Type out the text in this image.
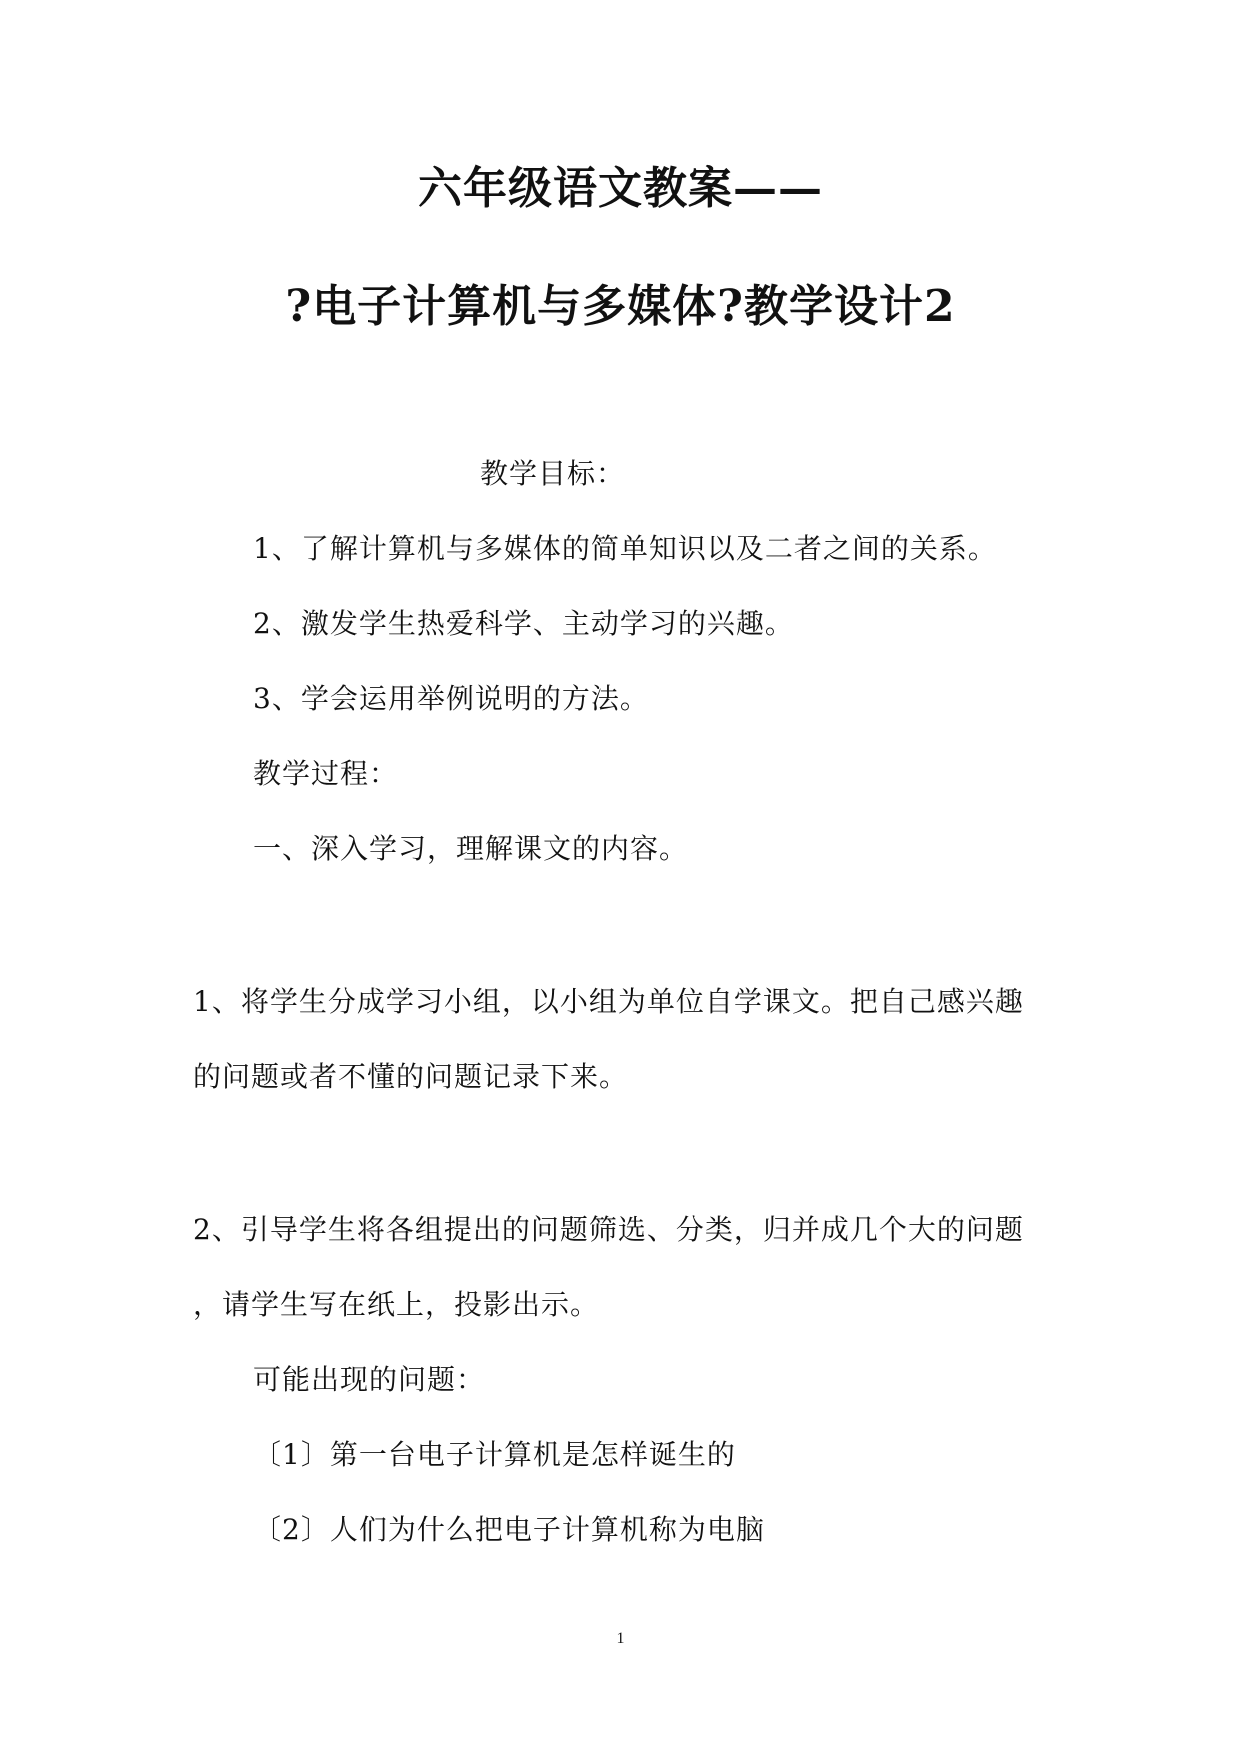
六年级语文教案——
?电子计算机与多媒体?教学设计2
教学目标：
1、了解计算机与多媒体的简单知识以及二者之间的关系。
2、激发学生热爱科学、主动学习的兴趣。
3、学会运用举例说明的方法。
教学过程：
一、深入学习，理解课文的内容。
1、将学生分成学习小组，以小组为单位自学课文。把自己感兴趣
的问题或者不懂的问题记录下来。
2、引导学生将各组提出的问题筛选、分类，归并成几个大的问题
，请学生写在纸上，投影出示。
可能出现的问题：
〔1〕第一台电子计算机是怎样诞生的
〔2〕人们为什么把电子计算机称为电脑
1
